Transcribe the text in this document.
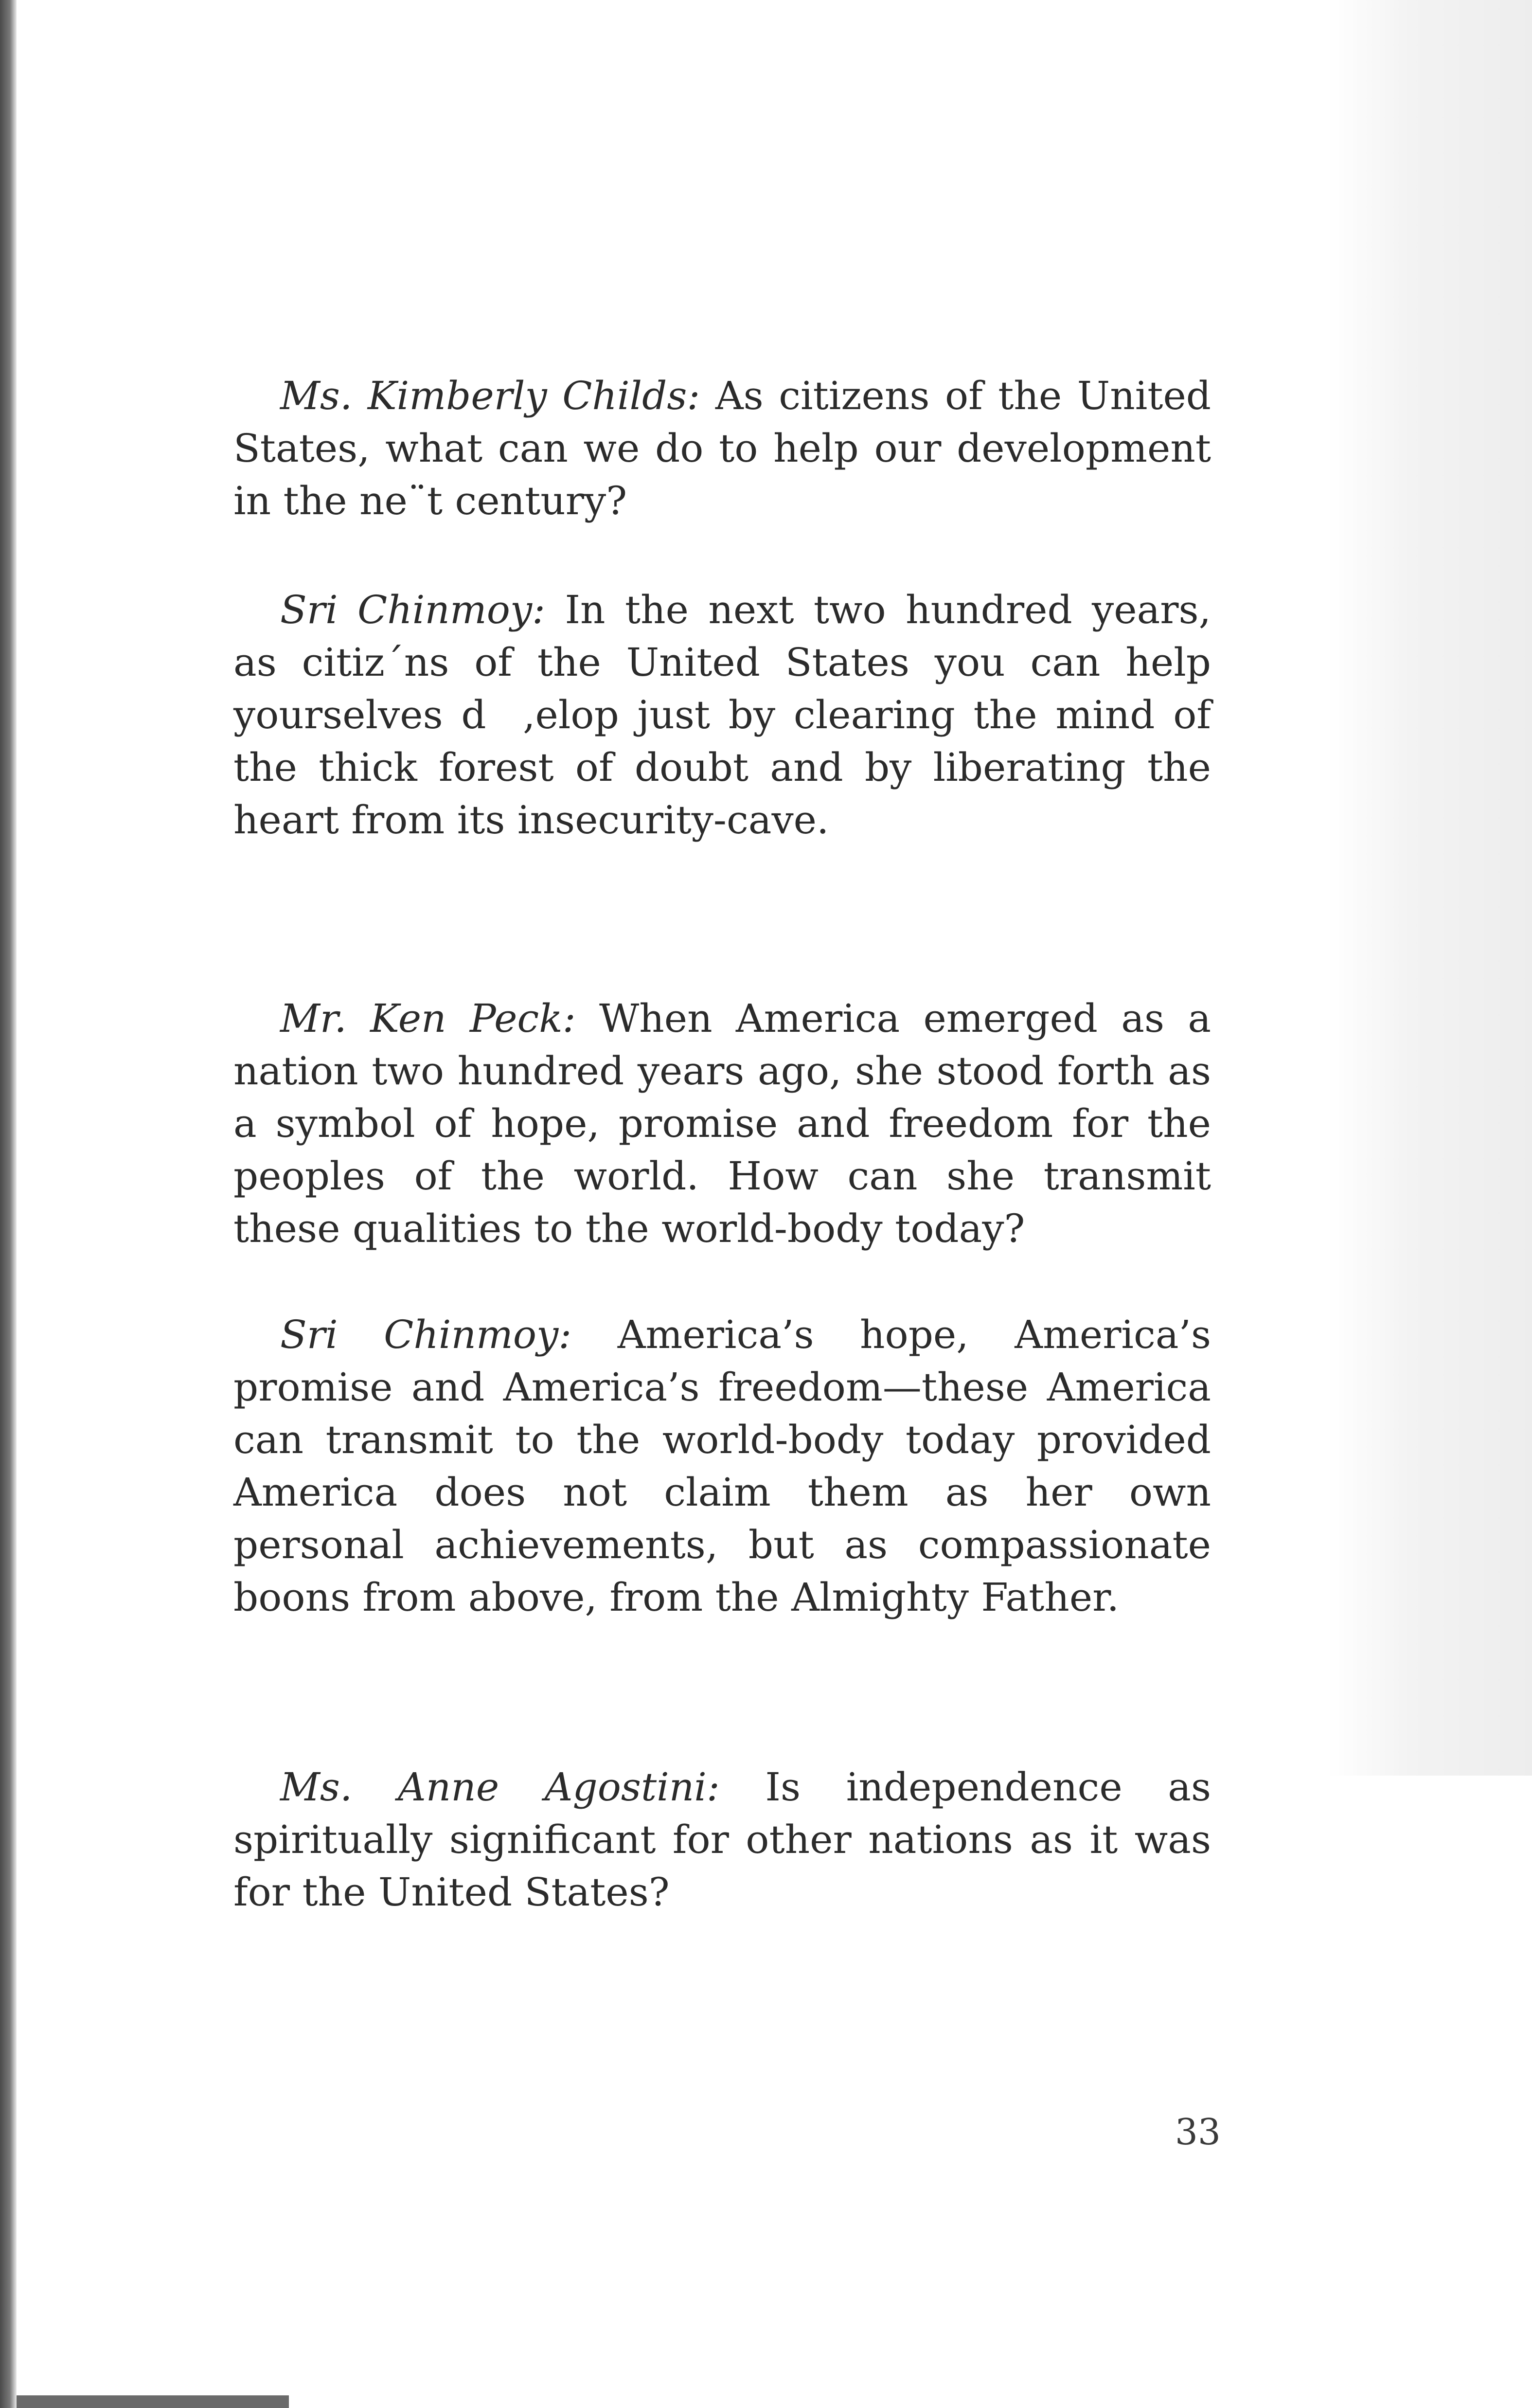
Ms. Kimberly Childs: As citizens of the United States, what can we do to help our development in the ne¨t century?

Sri Chinmoy: In the next two hundred years, as citiz´ns of the United States you can help yourselves d  ,elop just by clearing the mind of the thick forest of doubt and by liberating the heart from its insecurity-cave.

Mr. Ken Peck: When America emerged as a nation two hundred years ago, she stood forth as a symbol of hope, promise and freedom for the peoples of the world. How can she transmit these qualities to the world-body today?

Sri Chinmoy: America’s hope, America’s promise and America’s freedom—these America can transmit to the world-body today provided America does not claim them as her own personal achievements, but as compassionate boons from above, from the Almighty Father.

Ms. Anne Agostini: Is independence as spiritually significant for other nations as it was for the United States?

33
